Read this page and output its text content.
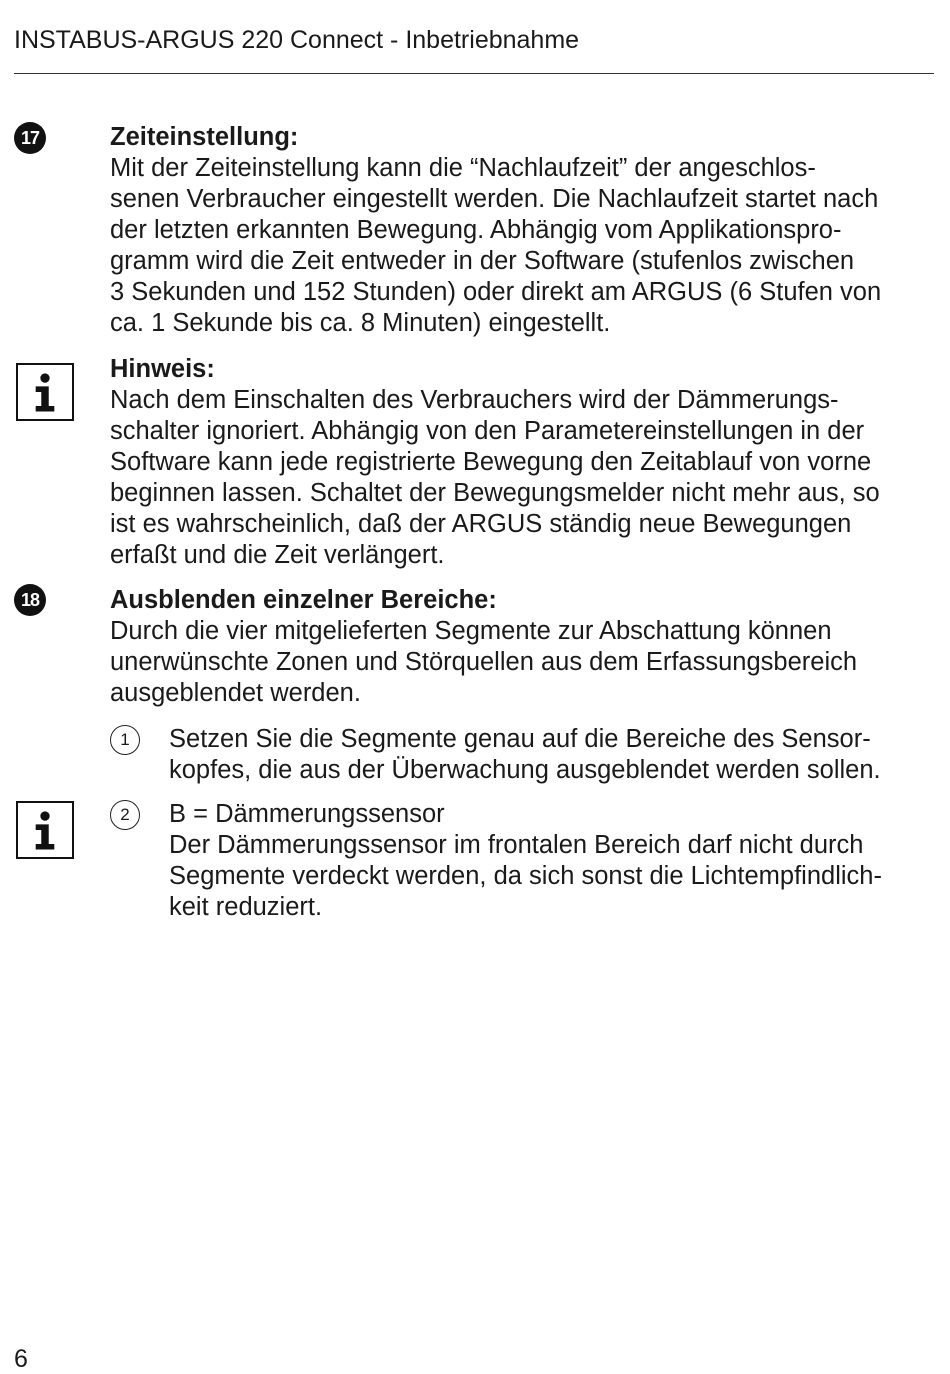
INSTABUS-ARGUS 220 Connect - Inbetriebnahme
17	Zeiteinstellung:

Mit der Zeiteinstellung kann die “Nachlaufzeit” der angeschlos-

senen Verbraucher eingestellt werden. Die Nachlaufzeit startet nach

der letzten erkannten Bewegung. Abhängig vom Applikationspro-

gramm wird die Zeit entweder in der Software (stufenlos zwischen

3 Sekunden und 152 Stunden) oder direkt am ARGUS (6 Stufen von

ca. 1 Sekunde bis ca. 8 Minuten) eingestellt.

Hinweis:

Nach dem Einschalten des Verbrauchers wird der Dämmerungs-

schalter ignoriert. Abhängig von den Parametereinstellungen in der

Software kann jede registrierte Bewegung den Zeitablauf von vorne

beginnen lassen. Schaltet der Bewegungsmelder nicht mehr aus, so

ist es wahrscheinlich, daß der ARGUS ständig neue Bewegungen

erfaßt und die Zeit verlängert.

18	Ausblenden einzelner Bereiche:

Durch die vier mitgelieferten Segmente zur Abschattung können

unerwünschte Zonen und Störquellen aus dem Erfassungsbereich

ausgeblendet werden.

1	Setzen Sie die Segmente genau auf die Bereiche des Sensor-

kopfes, die aus der Überwachung ausgeblendet werden sollen.

2	B = Dämmerungssensor

Der Dämmerungssensor im frontalen Bereich darf nicht durch

Segmente verdeckt werden, da sich sonst die Lichtempfindlich-

keit reduziert.

6
